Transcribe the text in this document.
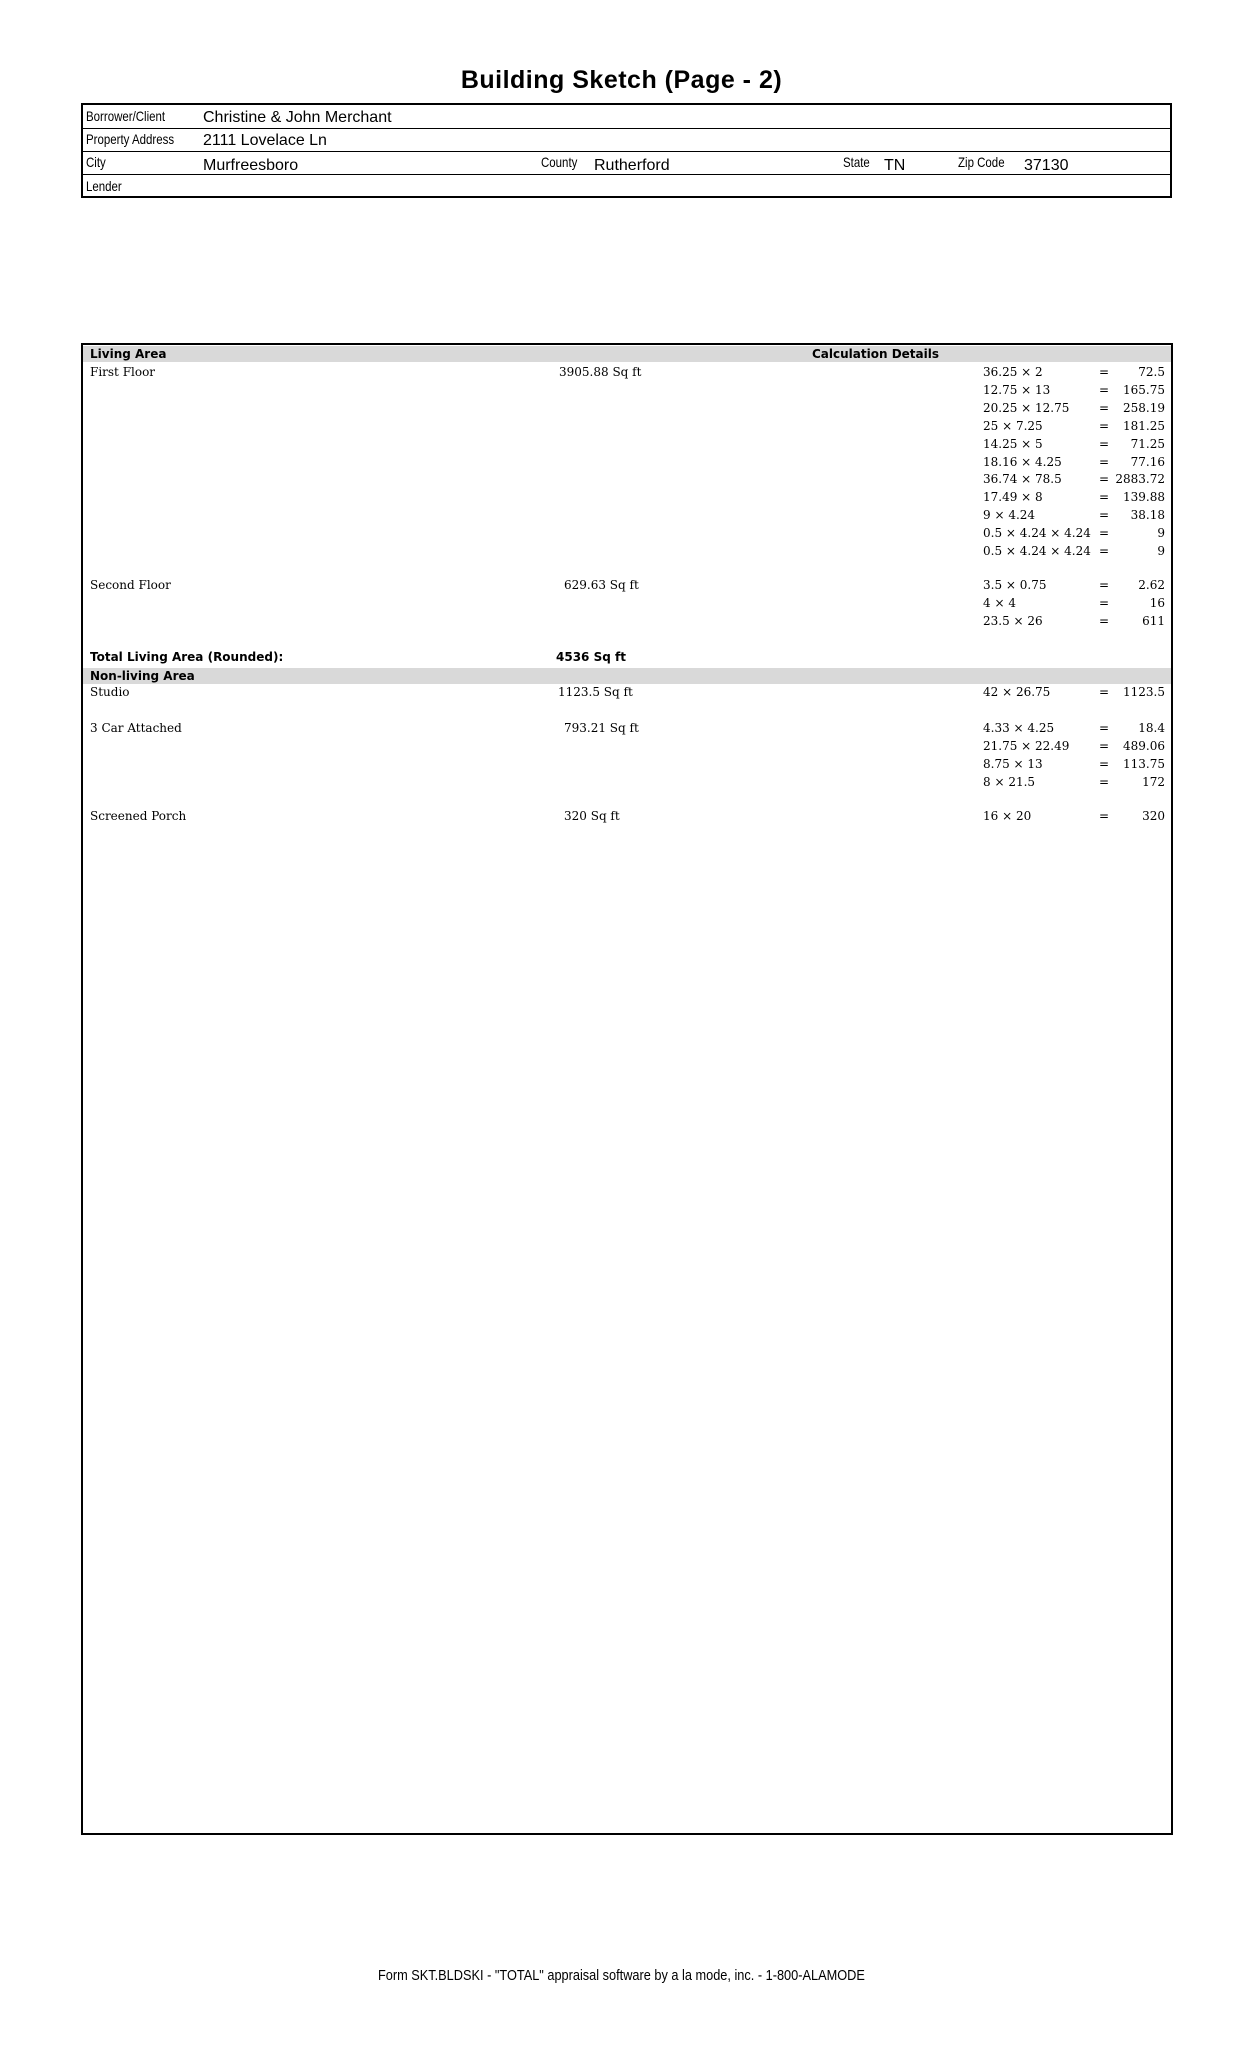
Building Sketch (Page - 2)
Borrower/Client Christine & John Merchant
Property Address 2111 Lovelace Ln
City	Murfreesboro	County Rutherford	State TN	Zip Code 37130
Lender
Living Area	Calculation Details
First Floor	3905.88 Sq ft	36.25 × 2	= 72.5
12.75 × 13	= 165.75
20.25 × 12.75 = 258.19
25 × 7.25	= 181.25
14.25 × 5	= 71.25
18.16 × 4.25	= 77.16
36.74 × 78.5	= 2883.72
17.49 × 8	= 139.88
9 × 4.24	= 38.18
0.5 × 4.24 × 4.24 =	9
0.5 × 4.24 × 4.24 =	9
Second Floor	629.63 Sq ft	3.5 × 0.75	= 2.62
4 × 4	=	16
23.5 × 26	=	611
Total Living Area (Rounded):	4536 Sq ft
Non-living Area
Studio	1123.5 Sq ft	42 × 26.75	= 1123.5
3 Car Attached	793.21 Sq ft	4.33 × 4.25	= 18.4
21.75 × 22.49 = 489.06
8.75 × 13	= 113.75
8 × 21.5	=	172
Screened Porch	320 Sq ft	16 × 20	=	320
Form SKT.BLDSKI - "TOTAL" appraisal software by a la mode, inc. - 1-800-ALAMODE
